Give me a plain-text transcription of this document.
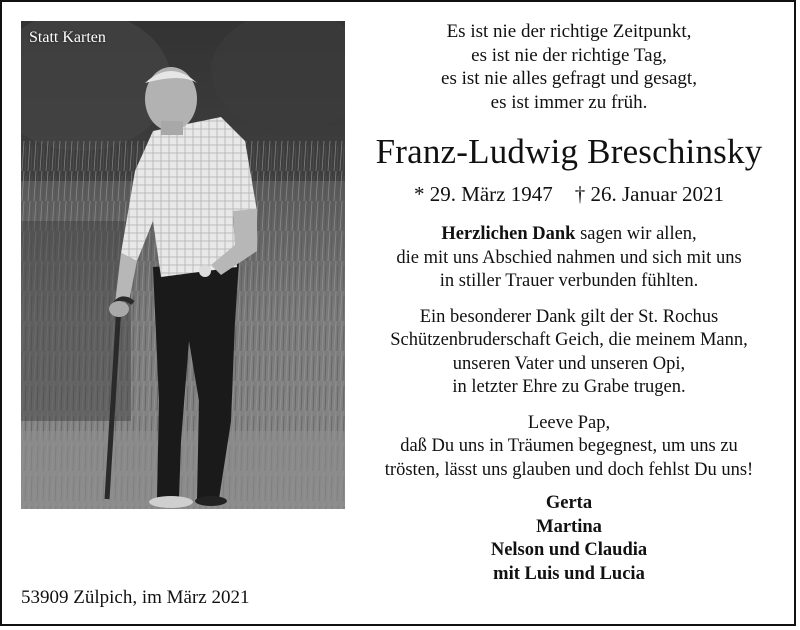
Statt Karten
53909 Zülpich, im März 2021
Es ist nie der richtige Zeitpunkt,
es ist nie der richtige Tag,
es ist nie alles gefragt und gesagt,
es ist immer zu früh.
Franz-Ludwig Breschinsky
* 29. März 1947 † 26. Januar 2021
Herzlichen Dank sagen wir allen,
die mit uns Abschied nahmen und sich mit uns
in stiller Trauer verbunden fühlten.
Ein besonderer Dank gilt der St. Rochus
Schützenbruderschaft Geich, die meinem Mann,
unseren Vater und unseren Opi,
in letzter Ehre zu Grabe trugen.
Leeve Pap,
daß Du uns in Träumen begegnest, um uns zu
trösten, lässt uns glauben und doch fehlst Du uns!
Gerta
Martina
Nelson und Claudia
mit Luis und Lucia
